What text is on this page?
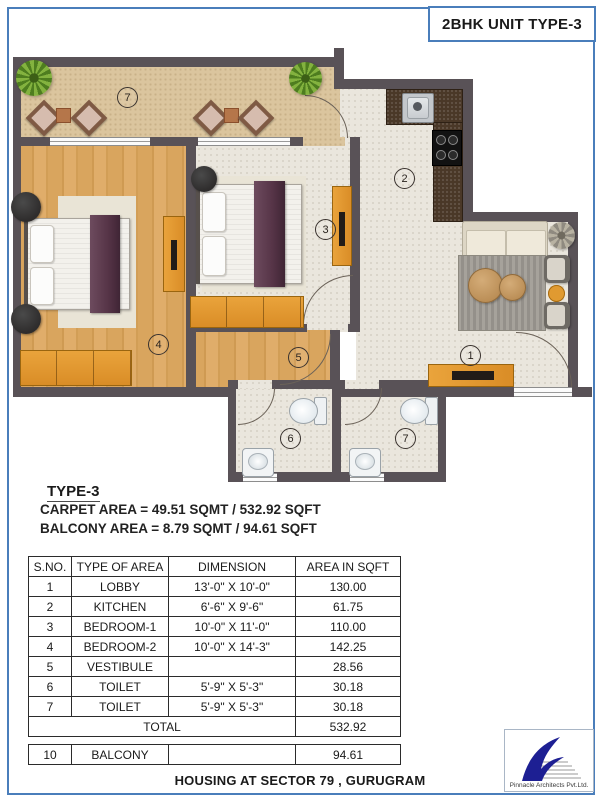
2BHK UNIT TYPE-3
7
2
3
4
5	1
6	7
TYPE-3
CARPET AREA = 49.51 SQMT / 532.92 SQFT
BALCONY AREA = 8.79 SQMT / 94.61 SQFT
S.NO.	TYPE OF AREA	DIMENSION	AREA IN SQFT
1	LOBBY	13'-0" X 10'-0"	130.00
2	KITCHEN	6'-6" X 9'-6"	61.75
3	BEDROOM-1	10'-0" X 11'-0"	110.00
4	BEDROOM-2	10'-0" X 14'-3"	142.25
5	VESTIBULE		28.56
6	TOILET	5'-9" X 5'-3"	30.18
7	TOILET	5'-9" X 5'-3"	30.18
TOTAL			532.92
10	BALCONY		94.61
HOUSING AT SECTOR 79 , GURUGRAM	Pinnacle Architects Pvt.Ltd.
